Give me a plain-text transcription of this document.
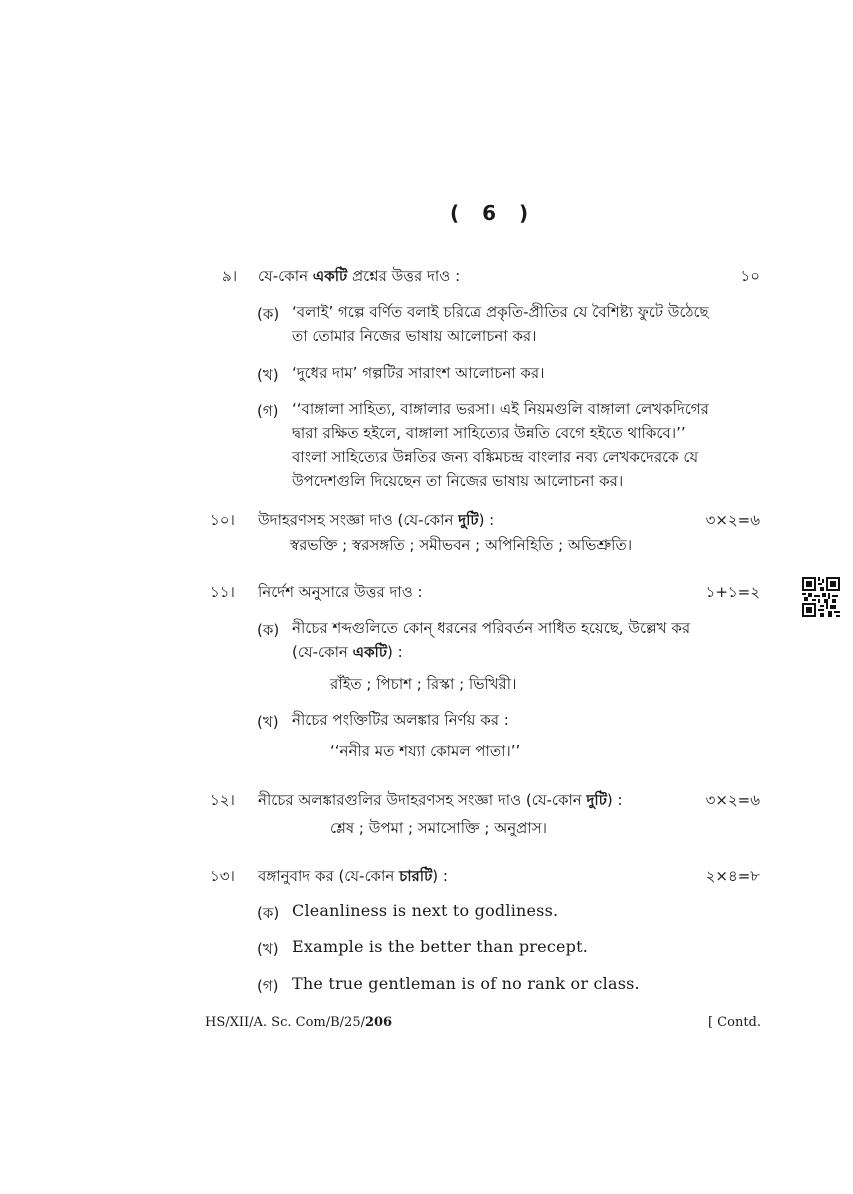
( 6 )
৯। যে-কোন একটি প্রশ্নের উত্তর দাও :	১০
(ক) ‘বলাই’ গল্পে বর্ণিত বলাই চরিত্রে প্রকৃতি-প্রীতির যে বৈশিষ্ট্য ফুটে উঠেছে
তা তোমার নিজের ভাষায় আলোচনা কর।
(খ) ‘দুধের দাম’ গল্পটির সারাংশ আলোচনা কর।
(গ) ‘‘বাঙ্গালা সাহিত্য, বাঙ্গালার ভরসা। এই নিয়মগুলি বাঙ্গালা লেখকদিগের
দ্বারা রক্ষিত হইলে, বাঙ্গালা সাহিত্যের উন্নতি বেগে হইতে থাকিবে।’’
বাংলা সাহিত্যের উন্নতির জন্য বঙ্কিমচন্দ্র বাংলার নব্য লেখকদেরকে যে
উপদেশগুলি দিয়েছেন তা নিজের ভাষায় আলোচনা কর।
১০। উদাহরণসহ সংজ্ঞা দাও (যে-কোন দুটি) :	৩×২=৬
স্বরভক্তি ; স্বরসঙ্গতি ; সমীভবন ; অপিনিহিতি ; অভিশ্রুতি।
১১। নির্দেশ অনুসারে উত্তর দাও :	১+১=২
(ক) নীচের শব্দগুলিতে কোন্ ধরনের পরিবর্তন সাধিত হয়েছে, উল্লেখ কর
(যে-কোন একটি) :
রাঁইত ; পিচাশ ; রিস্কা ; ভিখিরী।
(খ) নীচের পংক্তিটির অলঙ্কার নির্ণয় কর :
‘‘ননীর মত শয্যা কোমল পাতা।’’
১২। নীচের অলঙ্কারগুলির উদাহরণসহ সংজ্ঞা দাও (যে-কোন দুটি) :	৩×২=৬
শ্লেষ ; উপমা ; সমাসোক্তি ; অনুপ্রাস।
১৩। বঙ্গানুবাদ কর (যে-কোন চারটি) :	২×৪=৮
(ক) Cleanliness is next to godliness.
(খ) Example is the better than precept.
(গ) The true gentleman is of no rank or class.
HS/XII/A. Sc. Com/B/25/206	[ Contd.
